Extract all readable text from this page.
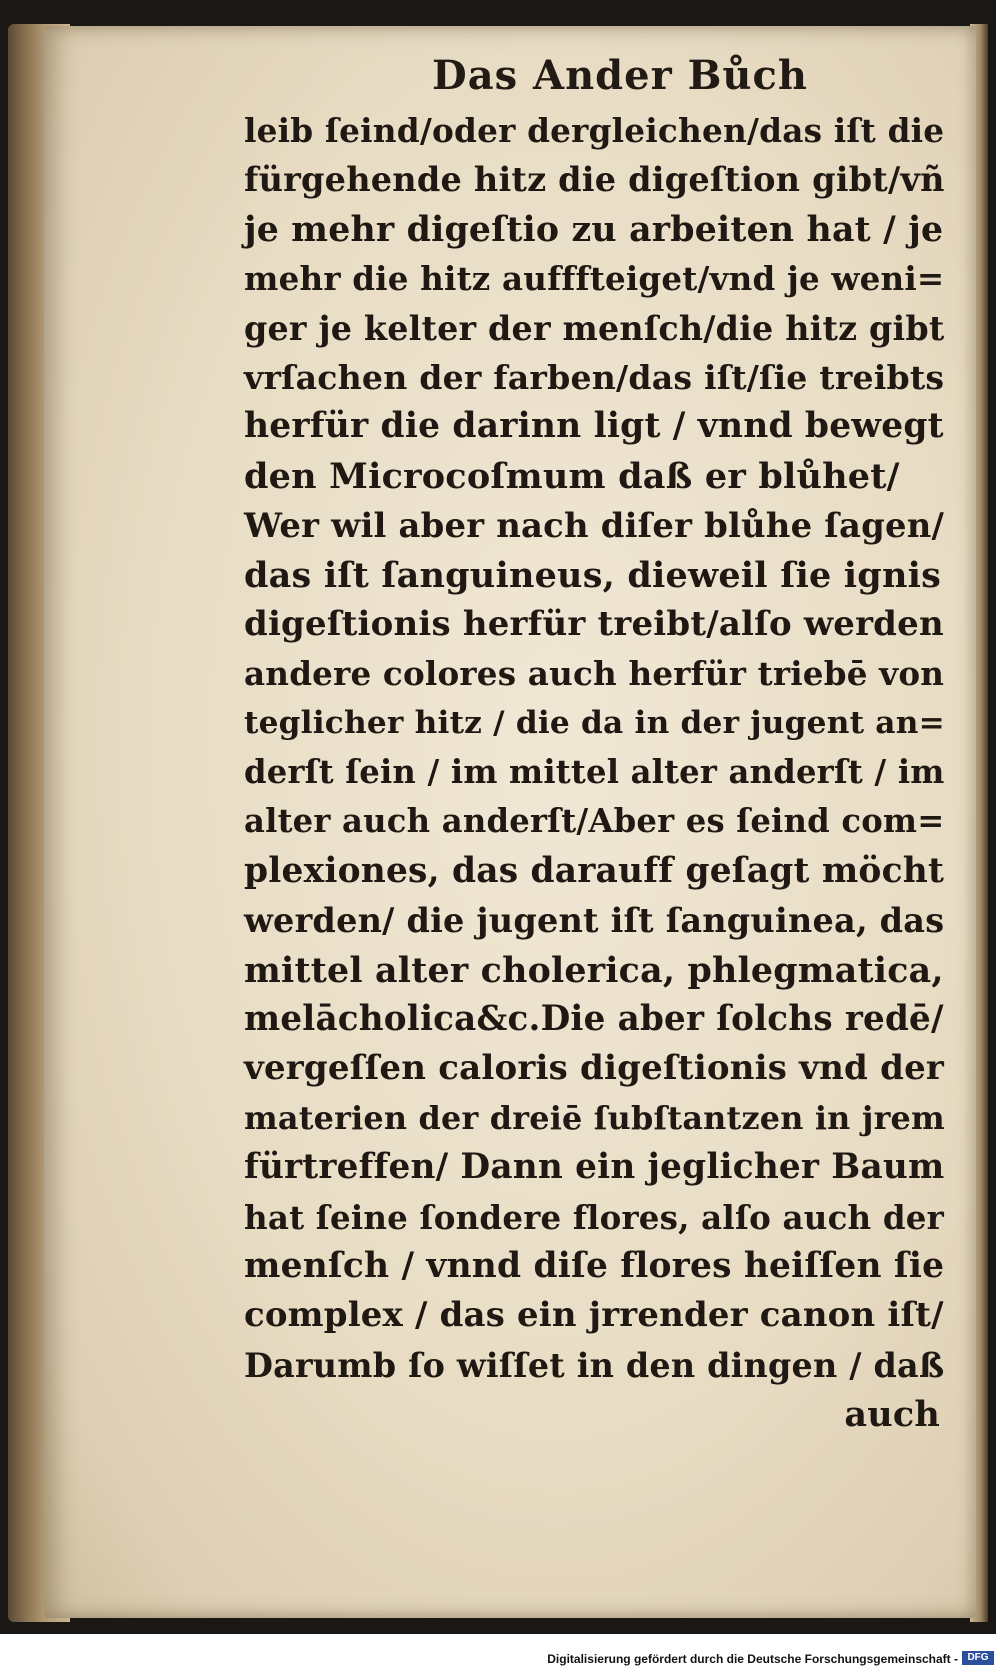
Das Ander Bůch
leib ſeind/oder dergleichen/das iſt die
fürgehende hitz die digeſtion gibt/vñ
je mehr digeſtio zu arbeiten hat / je
mehr die hitz aufffteiget/vnd je weni=
ger je kelter der menſch/die hitz gibt
vrſachen der farben/das iſt/ſie treibts
herfür die darinn ligt / vnnd bewegt
den Microcoſmum daß er blůhet/
Wer wil aber nach diſer blůhe ſagen/
das iſt ſanguineus, dieweil ſie ignis
digeſtionis herfür treibt/alſo werden
andere colores auch herfür triebē von
teglicher hitz / die da in der jugent an=
derſt ſein / im mittel alter anderſt / im
alter auch anderſt/Aber es ſeind com=
plexiones, das darauff geſagt möcht
werden/ die jugent iſt ſanguinea, das
mittel alter cholerica, phlegmatica,
melācholica&c.Die aber ſolchs redē/
vergeſſen caloris digeſtionis vnd der
materien der dreiē ſubſtantzen in jrem
fürtreffen/ Dann ein jeglicher Baum
hat ſeine ſondere flores, alſo auch der
menſch / vnnd diſe flores heiſſen ſie
complex / das ein jrrender canon iſt/
Darumb ſo wiſſet in den dingen / daß
auch
Digitalisierung gefördert durch die Deutsche Forschungsgemeinschaft - DFG
